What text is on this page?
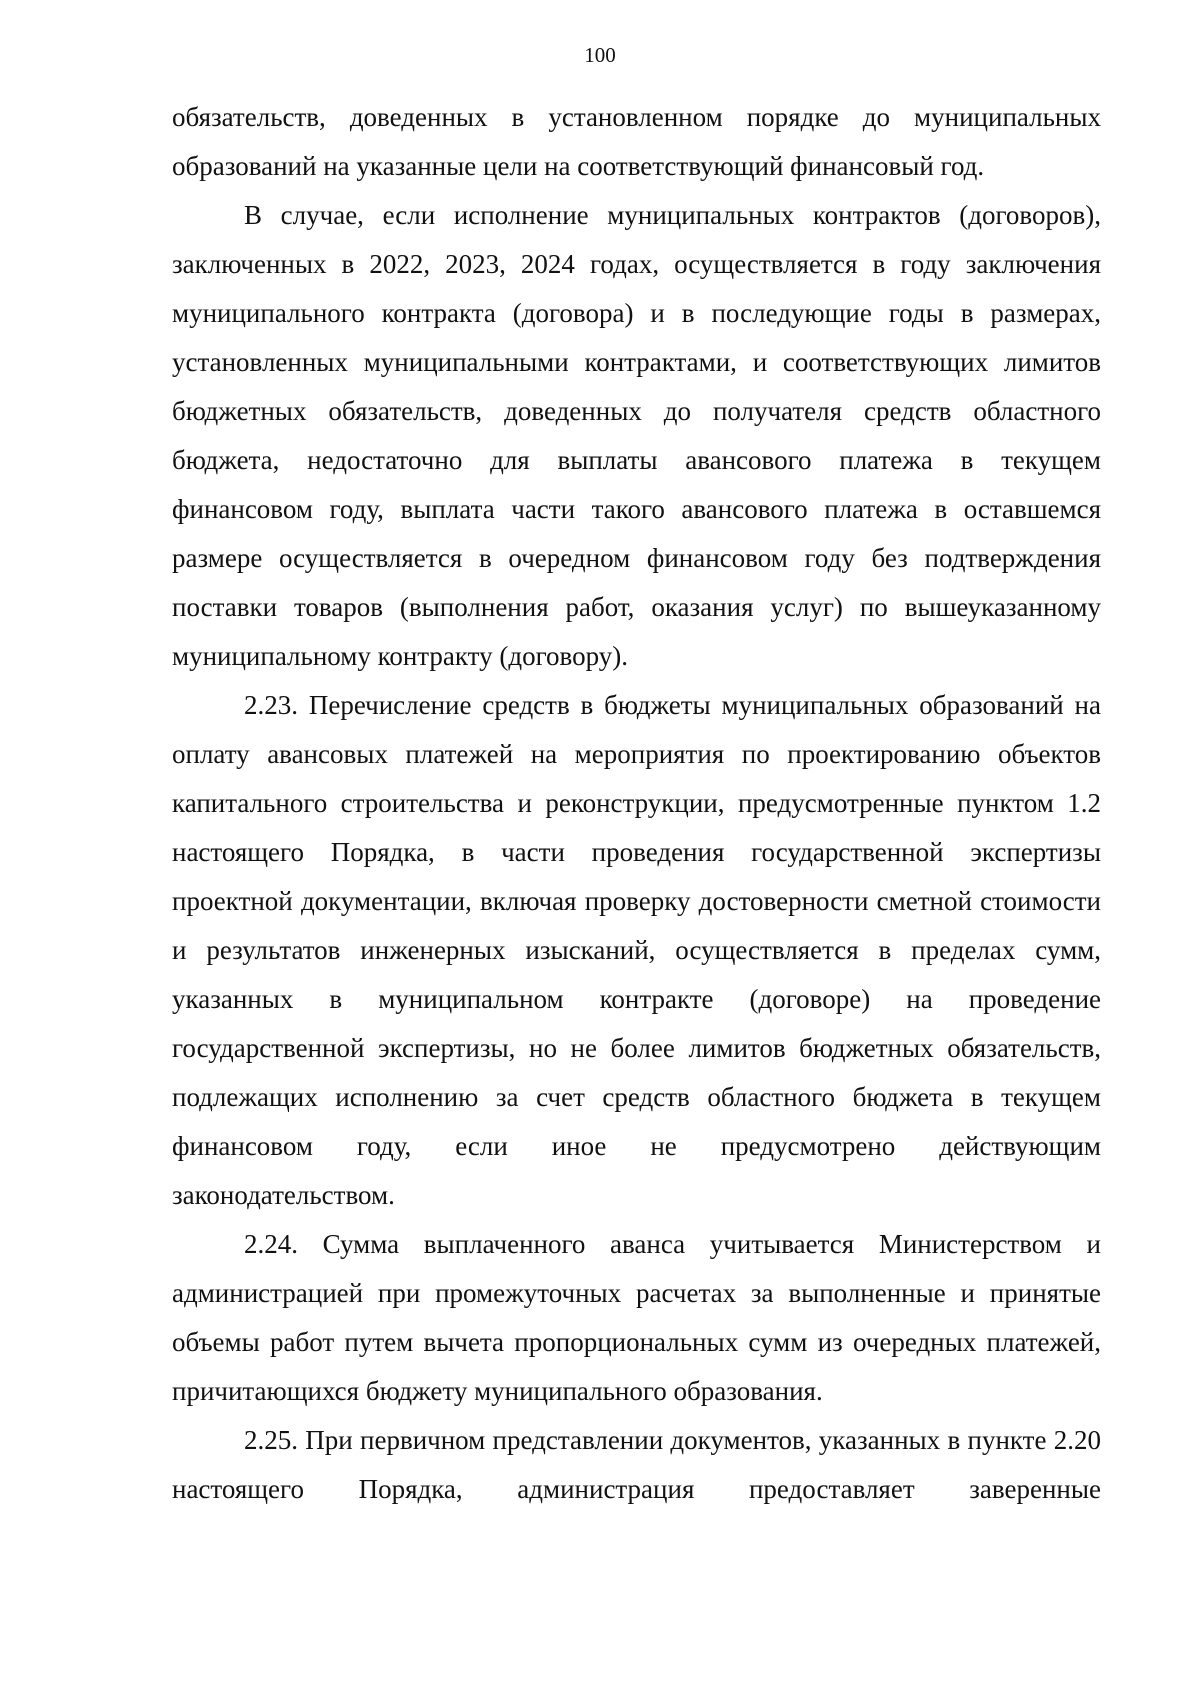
100

обязательств, доведенных в установленном порядке до муниципальных образований на указанные цели на соответствующий финансовый год.

В случае, если исполнение муниципальных контрактов (договоров), заключенных в 2022, 2023, 2024 годах, осуществляется в году заключения муниципального контракта (договора) и в последующие годы в размерах, установленных муниципальными контрактами, и соответствующих лимитов бюджетных обязательств, доведенных до получателя средств областного бюджета, недостаточно для выплаты авансового платежа в текущем финансовом году, выплата части такого авансового платежа в оставшемся размере осуществляется в очередном финансовом году без подтверждения поставки товаров (выполнения работ, оказания услуг) по вышеуказанному муниципальному контракту (договору).

2.23. Перечисление средств в бюджеты муниципальных образований на оплату авансовых платежей на мероприятия по проектированию объектов капитального строительства и реконструкции, предусмотренные пунктом 1.2 настоящего Порядка, в части проведения государственной экспертизы проектной документации, включая проверку достоверности сметной стоимости и результатов инженерных изысканий, осуществляется в пределах сумм, указанных в муниципальном контракте (договоре) на проведение государственной экспертизы, но не более лимитов бюджетных обязательств, подлежащих исполнению за счет средств областного бюджета в текущем финансовом году, если иное не предусмотрено действующим законодательством.

2.24. Сумма выплаченного аванса учитывается Министерством и администрацией при промежуточных расчетах за выполненные и принятые объемы работ путем вычета пропорциональных сумм из очередных платежей, причитающихся бюджету муниципального образования.

2.25. При первичном представлении документов, указанных в пункте 2.20 настоящего Порядка, администрация предоставляет заверенные
